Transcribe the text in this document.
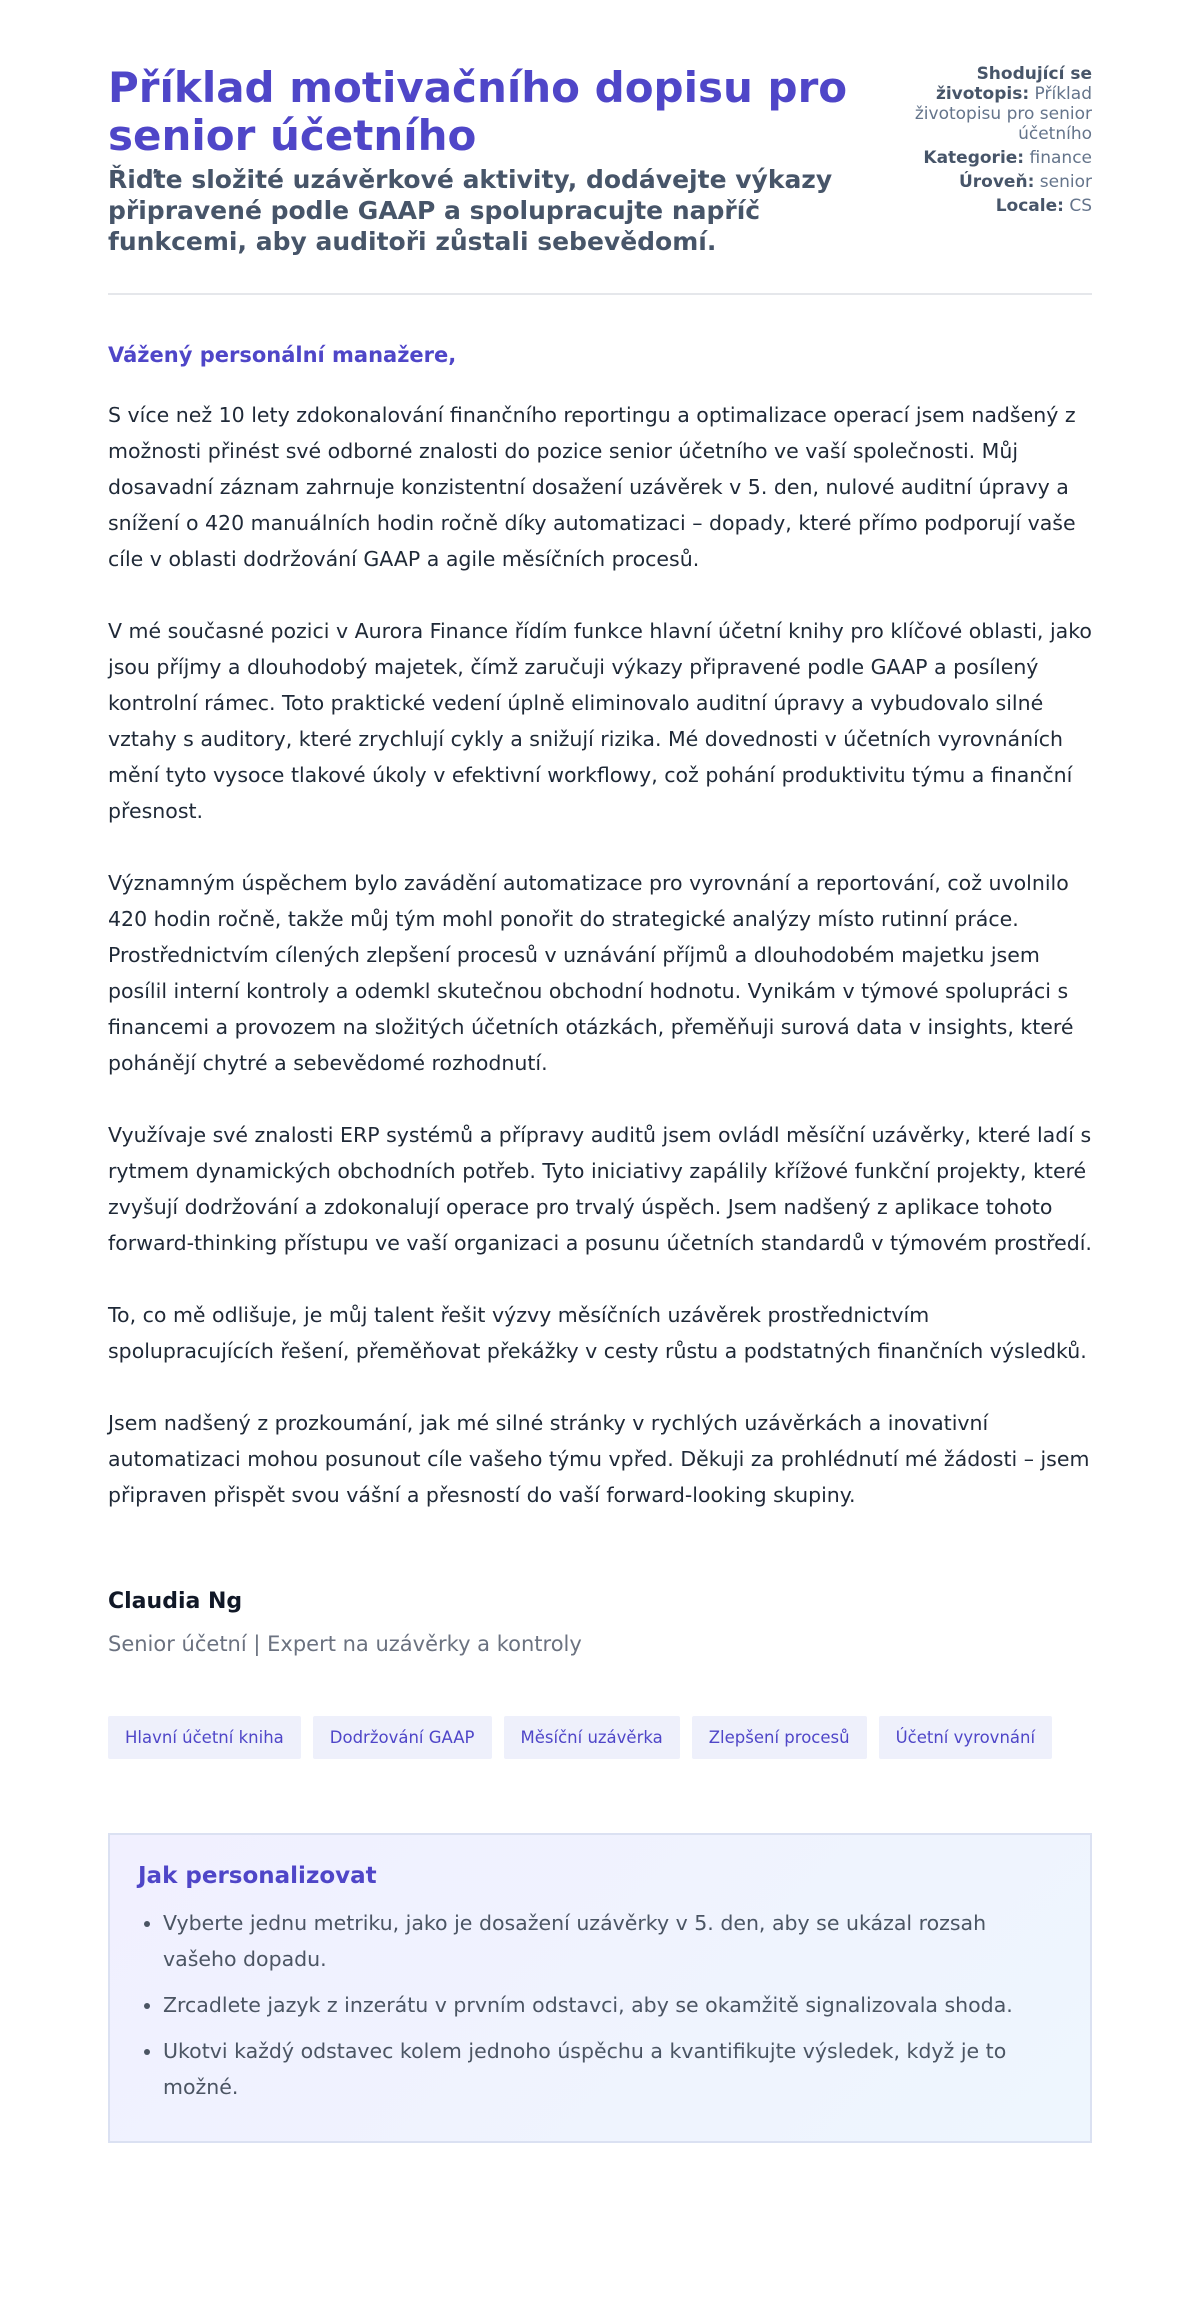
Příklad motivačního dopisu pro senior účetního

Řiďte složité uzávěrkové aktivity, dodávejte výkazy připravené podle GAAP a spolupracujte napříč funkcemi, aby auditoři zůstali sebevědomí.

Shodující se životopis: Příklad životopisu pro senior účetního
Kategorie: finance
Úroveň: senior
Locale: CS

Vážený personální manažere,

S více než 10 lety zdokonalování finančního reportingu a optimalizace operací jsem nadšený z možnosti přinést své odborné znalosti do pozice senior účetního ve vaší společnosti. Můj dosavadní záznam zahrnuje konzistentní dosažení uzávěrek v 5. den, nulové auditní úpravy a snížení o 420 manuálních hodin ročně díky automatizaci – dopady, které přímo podporují vaše cíle v oblasti dodržování GAAP a agile měsíčních procesů.

V mé současné pozici v Aurora Finance řídím funkce hlavní účetní knihy pro klíčové oblasti, jako jsou příjmy a dlouhodobý majetek, čímž zaručuji výkazy připravené podle GAAP a posílený kontrolní rámec. Toto praktické vedení úplně eliminovalo auditní úpravy a vybudovalo silné vztahy s auditory, které zrychlují cykly a snižují rizika. Mé dovednosti v účetních vyrovnáních mění tyto vysoce tlakové úkoly v efektivní workflowy, což pohání produktivitu týmu a finanční přesnost.

Významným úspěchem bylo zavádění automatizace pro vyrovnání a reportování, což uvolnilo 420 hodin ročně, takže můj tým mohl ponořit do strategické analýzy místo rutinní práce. Prostřednictvím cílených zlepšení procesů v uznávání příjmů a dlouhodobém majetku jsem posílil interní kontroly a odemkl skutečnou obchodní hodnotu. Vynikám v týmové spolupráci s financemi a provozem na složitých účetních otázkách, přeměňuji surová data v insights, které pohánějí chytré a sebevědomé rozhodnutí.

Využívaje své znalosti ERP systémů a přípravy auditů jsem ovládl měsíční uzávěrky, které ladí s rytmem dynamických obchodních potřeb. Tyto iniciativy zapálily křížové funkční projekty, které zvyšují dodržování a zdokonalují operace pro trvalý úspěch. Jsem nadšený z aplikace tohoto forward-thinking přístupu ve vaší organizaci a posunu účetních standardů v týmovém prostředí.

To, co mě odlišuje, je můj talent řešit výzvy měsíčních uzávěrek prostřednictvím spolupracujících řešení, přeměňovat překážky v cesty růstu a podstatných finančních výsledků.

Jsem nadšený z prozkoumání, jak mé silné stránky v rychlých uzávěrkách a inovativní automatizaci mohou posunout cíle vašeho týmu vpřed. Děkuji za prohlédnutí mé žádosti – jsem připraven přispět svou vášní a přesností do vaší forward-looking skupiny.

Claudia Ng

Senior účetní | Expert na uzávěrky a kontroly

Hlavní účetní kniha	Dodržování GAAP	Měsíční uzávěrka	Zlepšení procesů	Účetní vyrovnání
Jak personalizovat
• Vyberte jednu metriku, jako je dosažení uzávěrky v 5. den, aby se ukázal rozsah vašeho dopadu.
• Zrcadlete jazyk z inzerátu v prvním odstavci, aby se okamžitě signalizovala shoda.
• Ukotvi každý odstavec kolem jednoho úspěchu a kvantifikujte výsledek, když je to možné.
